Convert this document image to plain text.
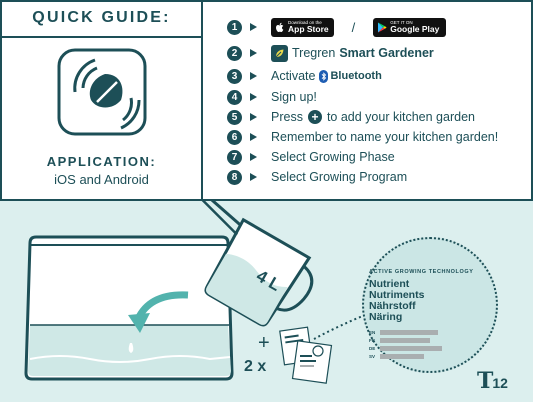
QUICK GUIDE:
APPLICATION:
iOS and Android
1	Download on the
App Store /	GET IT ON
Google Play
2	Tregren Smart Gardener
3	Activate Bluetooth
4	Sign up!
5	Press + to add your kitchen garden
6	Remember to name your kitchen garden!
7	Select Growing Phase
8	Select Growing Program
+
2 x
4 L	ACTIVE GROWING TECHNOLOGY
Nutrient
Nutriments
Nährstoff
Näring
EN
FR
DE
SV
T12
